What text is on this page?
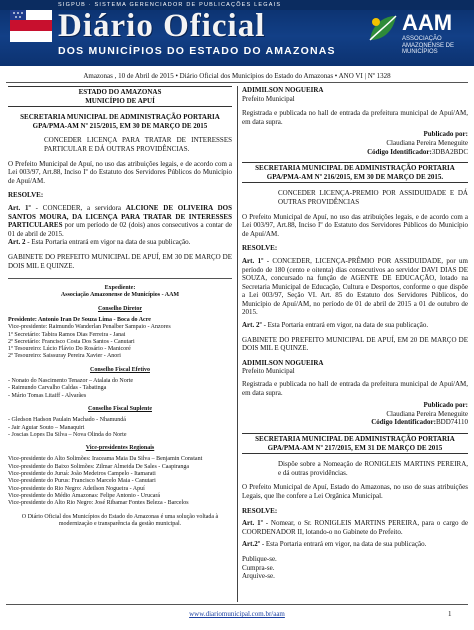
SIGPUB · SISTEMA GERENCIADOR DE PUBLICAÇÕES LEGAIS
Diário Oficial
DOS MUNICÍPIOS DO ESTADO DO AMAZONAS
AAM
ASSOCIAÇÃO AMAZONENSE DE MUNICÍPIOS
Amazonas , 10 de Abril de 2015 • Diário Oficial dos Municípios do Estado do Amazonas • ANO VI | Nº 1328
ESTADO DO AMAZONAS
MUNICÍPIO DE APUÍ

SECRETARIA MUNICIPAL DE ADMINISTRAÇÃO PORTARIA GPA/PMA-AM Nº 215/2015, EM 30 DE MARÇO DE 2015

CONCEDER LICENÇA PARA TRATAR DE INTERESSES PARTICULAR E DÁ OUTRAS PROVIDÊNCIAS.

O Prefeito Municipal de Apuí, no uso das atribuições legais, e de acordo com a Lei 003/97, Art.88, Inciso Iº do Estatuto dos Servidores Públicos do Município de Apuí/AM.

RESOLVE:

Art. 1º - CONCEDER, a servidora ALCIONE DE OLIVEIRA DOS SANTOS MOURA, DA LICENÇA PARA TRATAR DE INTERESSES PARTICULARES por um período de 02 (dois) anos consecutivos a contar de 01 de abril de 2015.

Art. 2 - Esta Portaria entrará em vigor na data de sua publicação.

GABINETE DO PREFEITO MUNICIPAL DE APUÍ, EM 30 DE MARÇO DE DOIS MIL E QUINZE.

Expediente:

Associação Amazonense de Municípios - AAM

Conselho Diretor

Presidente: Antonio Iran De Souza Lima - Boca do Acre

Vice-presidente: Raimundo Wanderlan Penalber Sampaio - Anzores

1º Secretário: Tabira Ramos Dias Ferreira - Janai

2º Secretário: Francisco Costa Dos Santos - Canutari

1º Tesoureiro: Lúcio Flávio Do Rosário - Manicoré

2º Tesoureiro: Saissuray Pereira Xavier - Anori

Conselho Fiscal Efetivo

- Nonato do Nascimento Tenazor – Atalaia do Norte

- Raimundo Carvalho Caldas - Tabatinga

- Mário Tomas Litaiff - Alvarães

Conselho Fiscal Suplente

- Gledson Hadson Paulain Machado - Nhamundá

- Jair Aguiar Souto – Manaquiri

- Joscias Lopes Da Silva – Nova Olinda do Norte

Vice-presidentes Regionais

Vice-presidente do Alto Solimões: Iraceama Maia Da Silva – Benjamin Constant

Vice-presidente do Baixo Solimões: Zilmar Almeida De Sales - Caapiranga

Vice-presidente do Juruá: João Medeiros Campelo - Itamarati

Vice-presidente do Purus: Francisco Marcelo Maia - Canutari

Vice-presidente do Rio Negro: Adeilson Nogueira - Apuí

Vice-presidente do Médio Amazonas: Felipe Antonio - Urucará

Vice-presidente do Alto Rio Negro: José Ribamar Fontes Beleza - Barcelos

O Diário Oficial dos Municípios do Estado do Amazonas é uma solução voltada à modernização e transparência da gestão municipal.

ADIMILSON NOGUEIRA

Prefeito Municipal

Registrada e publicada no hall de entrada da prefeitura municipal de Apuí/AM, em data supra.

Publicado por:

Claudiana Pereira Meneguite

Código Identificador:3DBA2BDC

SECRETARIA MUNICIPAL DE ADMINISTRAÇÃO PORTARIA GPA/PMA-AM Nº 216/2015, EM 30 DE MARÇO DE 2015.

CONCEDER LICENÇA-PREMIO POR ASSIDUIDADE E DÁ OUTRAS PROVIDÊNCIAS

O Prefeito Municipal de Apuí, no uso das atribuições legais, e de acordo com a Lei 003/97, Art.88, Inciso Iº do Estatuto dos Servidores Públicos do Município de Apuí/AM.

RESOLVE:

Art. 1º - CONCEDER, LICENÇA-PRÊMIO POR ASSIDUIDADE, por um período de 180 (cento e oitenta) dias consecutivos ao servidor DAVI DIAS DE SOUZA, concursado na função de AGENTE DE EDUCAÇÃO, lotado na Secretaria Municipal de Educação, Cultura e Desportos, conforme o que dispõe a Lei 003/97, Seção VI. Art. 85 do Estatuto dos Servidores Públicos, do Município de Apuí/AM, no período de 01 de abril de 2015 a 01 de outubro de 2015.

Art. 2º - Esta Portaria entrará em vigor, na data de sua publicação.

GABINETE DO PREFEITO MUNICIPAL DE APUÍ, EM 20 DE MARÇO DE DOIS MIL E QUINZE.

ADIMILSON NOGUEIRA

Prefeito Municipal

Registrada e publicada no hall de entrada da prefeitura municipal de Apuí/AM, em data supra.

Publicado por:

Claudiana Pereira Meneguite

Código Identificador:BDD74110

SECRETARIA MUNICIPAL DE ADMINISTRAÇÃO PORTARIA GPA/PMA-AM Nº 217/2015, EM 31 DE MARÇO DE 2015

Dispõe sobre a Nomeação de RONIGLEIS MARTINS PEREIRA, e dá outras providências.

O Prefeito Municipal de Apuí, Estado do Amazonas, no uso de suas atribuições Legais, que lhe confere a Lei Orgânica Municipal.

RESOLVE:

Art. 1º - Nomear, o Sr. RONIGLEIS MARTINS PEREIRA, para o cargo de COORDENADOR II, lotando-o no Gabinete do Prefeito.

Art.2º - Esta Portaria entrará em vigor, na data de sua publicação.

Publique-se.

Cumpra-se.

Arquive-se.

www.diariomunicipal.com.br/aam	1
